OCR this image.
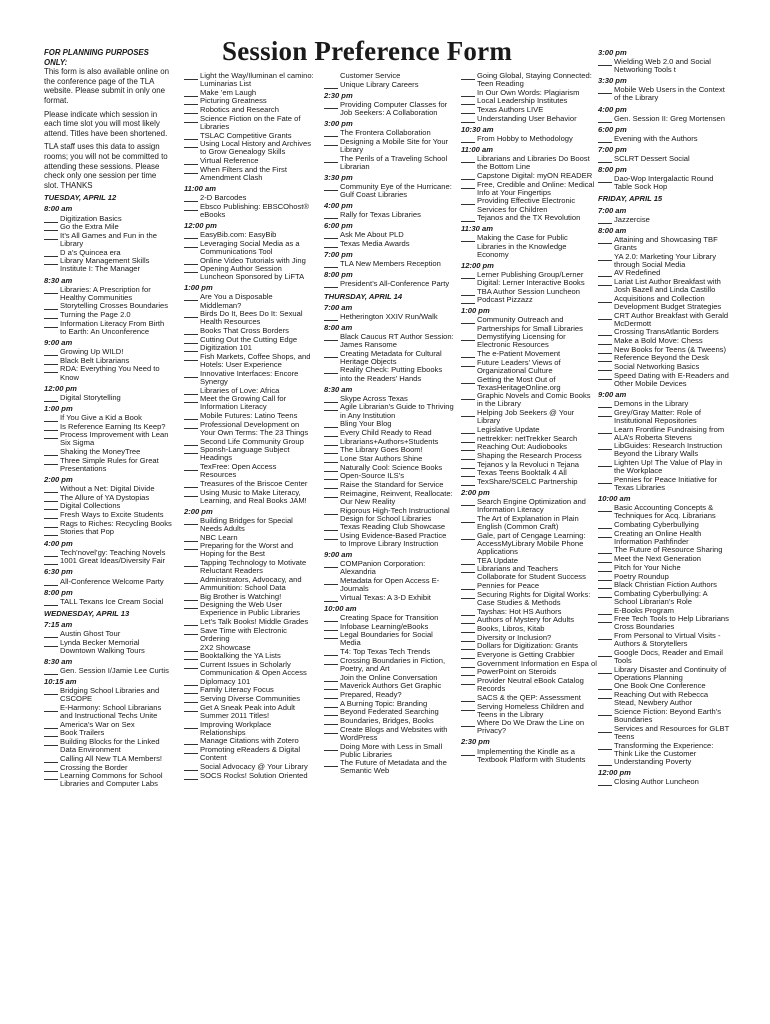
Session Preference Form
FOR PLANNING PURPOSES ONLY:
This form is also available online on the conference page of the TLA website. Please submit in only one format.
Please indicate which session in each time slot you will most likely attend. Titles have been shortened.
TLA staff uses this data to assign rooms; you will not be committed to attending these sessions. Please check only one session per time slot. THANKS
TUESDAY, APRIL 12
8:00 am
Digitization Basics
Go the Extra Mile
It’s All Games and Fun in the Library
D a’s Quincea era
Library Management Skills Institute I: The Manager
8:30 am
Libraries: A Prescription for Healthy Communities
Storytelling Crosses Boundaries
Turning the Page 2.0
Information Literacy From Birth to Earth: An Unconference
9:00 am
Growing Up WILD!
Black Belt Librarians
RDA: Everything You Need to Know
12:00 pm
Digital Storytelling
1:00 pm
If You Give a Kid a Book
Is Reference Earning Its Keep?
Process Improvement with Lean Six Sigma
Shaking the MoneyTree
Three Simple Rules for Great Presentations
2:00 pm
Without a Net: Digital Divide
The Allure of YA Dystopias
Digital Collections
Fresh Ways to Excite Students
Rags to Riches: Recycling Books
Stories that Pop
4:00 pm
Tech’novel’gy: Teaching Novels
1001 Great Ideas/Diversity Fair
6:30 pm
All-Conference Welcome Party
8:00 pm
TALL Texans Ice Cream Social
WEDNESDAY, APRIL 13
7:15 am
Austin Ghost Tour
Lynda Becker Memorial Downtown Walking Tours
8:30 am
Gen. Session I/Jamie Lee Curtis
10:15 am
Bridging School Libraries and CSCOPE
E-Harmony: School Librarians and Instructional Techs Unite
America’s War on Sex
Book Trailers
Building Blocks for the Linked Data Environment
Calling All New TLA Members!
Crossing the Border
Learning Commons for School Libraries and Computer Labs
Light the Way/Iluminan el camino: Luminarias List
Make ’em Laugh
Picturing Greatness
Robotics and Research
Science Fiction on the Fate of Libraries
TSLAC Competitive Grants
Using Local History and Archives to Grow Genealogy Skills
Virtual Reference
When Filters and the First Amendment Clash
11:00 am
2-D Barcodes
Ebsco Publishing: EBSCOhost® eBooks
12:00 pm
EasyBib.com: EasyBib
Leveraging Social Media as a Communications Tool
Online Video Tutorials with Jing
Opening Author Session Luncheon Sponsored by LiFTA
1:00 pm
Are You a Disposable Middleman?
Birds Do It, Bees Do It: Sexual Health Resources
Books That Cross Borders
Cutting Out the Cutting Edge
Digitization 101
Fish Markets, Coffee Shops, and Hotels: User Experience
Innovative Interfaces: Encore Synergy
Libraries of Love: Africa
Meet the Growing Call for Information Literacy
Mobile Futures: Latino Teens
Professional Development on Your Own Terms: The 23 Things
Second Life Community Group
Sponsh-Language Subject Headings
TexFree: Open Access Resources
Treasures of the Briscoe Center
Using Music to Make Literacy, Learning, and Real Books JAM!
2:00 pm
Building Bridges for Special Needs Adults
NBC Learn
Preparing for the Worst and Hoping for the Best
Tapping Technology to Motivate Reluctant Readers
Administrators, Advocacy, and Ammunition: School Data
Big Brother is Watching!
Designing the Web User Experience in Public Libraries
Let’s Talk Books! Middle Grades
Save Time with Electronic Ordering
2X2 Showcase
Booktalking the YA Lists
Current Issues in Scholarly Communication & Open Access
Diplomacy 101
Family Literacy Focus
Serving Diverse Communities
Get A Sneak Peak into Adult Summer 2011 Titles!
Improving Workplace Relationships
Manage Citations with Zotero
Promoting eReaders & Digital Content
Social Advocacy @ Your Library
SOCS Rocks! Solution Oriented
Customer Service
Unique Library Careers
2:30 pm
Providing Computer Classes for Job Seekers: A Collaboration
3:00 pm
The Frontera Collaboration
Designing a Mobile Site for Your Library
The Perils of a Traveling School Librarian
3:30 pm
Community Eye of the Hurricane: Gulf Coast Libraries
4:00 pm
Rally for Texas Libraries
6:00 pm
Ask Me About PLD
Texas Media Awards
7:00 pm
TLA New Members Reception
8:00 pm
President’s All-Conference Party
THURSDAY, APRIL 14
7:00 am
Hetherington XXIV Run/Walk
8:00 am
Black Caucus RT Author Session: James Ransome
Creating Metadata for Cultural Heritage Objects
Reality Check: Putting Ebooks into the Readers’ Hands
8:30 am
Skype Across Texas
Agile Librarian’s Guide to Thriving in Any Institution
Bling Your Blog
Every Child Ready to Read
Librarians+Authors+Students
The Library Goes Boom!
Lone Star Authors Shine
Naturally Cool: Science Books
Open-Source ILS’s
Raise the Standard for Service
Reimagine, Reinvent, Reallocate: Our New Reality
Rigorous High-Tech Instructional Design for School Libraries
Texas Reading Club Showcase
Using Evidence-Based Practice to Improve Library Instruction
9:00 am
COMPanion Corporation: Alexandria
Metadata for Open Access E-Journals
Virtual Texas: A 3-D Exhibit
10:00 am
Creating Space for Transition
Infobase Learning/eBooks
Legal Boundaries for Social Media
T4: Top Texas Tech Trends
Crossing Boundaries in Fiction, Poetry, and Art
Join the Online Conversation
Maverick Authors Get Graphic
Prepared, Ready?
A Burning Topic: Branding
Beyond Federated Searching
Boundaries, Bridges, Books
Create Blogs and Websites with WordPress
Doing More with Less in Small Public Libraries
The Future of Metadata and the Semantic Web
Going Global, Staying Connected: Teen Reading
In Our Own Words: Plagiarism
Local Leadership Institutes
Texas Authors LIVE
Understanding User Behavior
10:30 am
From Hobby to Methodology
11:00 am
Librarians and Libraries Do Boost the Bottom Line
Capstone Digital: myON READER
Free, Credible and Online: Medical Info at Your Fingertips
Providing Effective Electronic Services for Children
Tejanos and the TX Revolution
11:30 am
Making the Case for Public Libraries in the Knowledge Economy
12:00 pm
Lerner Publishing Group/Lerner Digital: Lerner Interactive Books
TBA Author Session Luncheon
Podcast Pizzazz
1:00 pm
Community Outreach and Partnerships for Small Libraries
Demystifying Licensing for Electronic Resources
The e-Patient Movement
Future Leaders’ Views of Organizational Culture
Getting the Most Out of TexasHeritageOnline.org
Graphic Novels and Comic Books in the Library
Helping Job Seekers @ Your Library
Legislative Update
nettrekker: netTrekker Search
Reaching Out: Audiobooks
Shaping the Research Process
Tejanos y la Revoluci n Tejana
Texas Teens Booktalk 4 All
TexShare/SCELC Partnership
2:00 pm
Search Engine Optimization and Information Literacy
The Art of Explanation in Plain English (Common Craft)
Gale, part of Cengage Learning: AccessMyLibrary Mobile Phone Applications
TEA Update
Librarians and Teachers Collaborate for Student Success
Pennies for Peace
Securing Rights for Digital Works: Case Studies & Methods
Tayshas: Hot HS Authors
Authors of Mystery for Adults
Books, Libros, Kitab
Diversity or Inclusion?
Dollars for Digitization: Grants
Everyone is Getting Crabbier
Government Information en Espa ol
PowerPoint on Steroids
Provider Neutral eBook Catalog Records
SACS & the QEP: Assessment
Serving Homeless Children and Teens in the Library
Where Do We Draw the Line on Privacy?
2:30 pm
Implementing the Kindle as a Textbook Platform with Students
3:00 pm
Wielding Web 2.0 and Social Networking Tools t
3:30 pm
Mobile Web Users in the Context of the Library
4:00 pm
Gen. Session II: Greg Mortensen
6:00 pm
Evening with the Authors
7:00 pm
SCLRT Dessert Social
8:00 pm
Dao-Wop Intergalactic Round Table Sock Hop
FRIDAY, APRIL 15
7:00 am
Jazzercise
8:00 am
Attaining and Showcasing TBF Grants
YA 2.0: Marketing Your Library through Social Media
AV Redefined
Lariat List Author Breakfast with Josh Bazell and Linda Castillo
Acquisitions and Collection Development Budget Strategies
CRT Author Breakfast with Gerald McDermott
Crossing TransAtlantic Borders
Make a Bold Move: Chess
New Books for Teens (& Tweens)
Reference Beyond the Desk
Social Networking Basics
Speed Dating with E-Readers and Other Mobile Devices
9:00 am
Demons in the Library
Grey/Gray Matter: Role of Institutional Repositories
Learn Frontline Fundraising from ALA’s Roberta Stevens
LibGuides: Research Instruction Beyond the Library Walls
Lighten Up! The Value of Play in the Workplace
Pennies for Peace Initiative for Texas Libraries
10:00 am
Basic Accounting Concepts & Techniques for Acq. Librarians
Combating Cyberbullying
Creating an Online Health Information Pathfinder
The Future of Resource Sharing
Meet the Next Generation
Pitch for Your Niche
Poetry Roundup
Black Christian Fiction Authors
Combating Cyberbullying: A School Librarian’s Role
E-Books Program
Free Tech Tools to Help Librarians Cross Boundaries
From Personal to Virtual Visits - Authors & Storytellers
Google Docs, Reader and Email Tools
Library Disaster and Continuity of Operations Planning
One Book One Conference
Reaching Out with Rebecca Stead, Newbery Author
Science Fiction: Beyond Earth’s Boundaries
Services and Resources for GLBT Teens
Transforming the Experience: Think Like the Customer
Understanding Poverty
12:00 pm
Closing Author Luncheon
